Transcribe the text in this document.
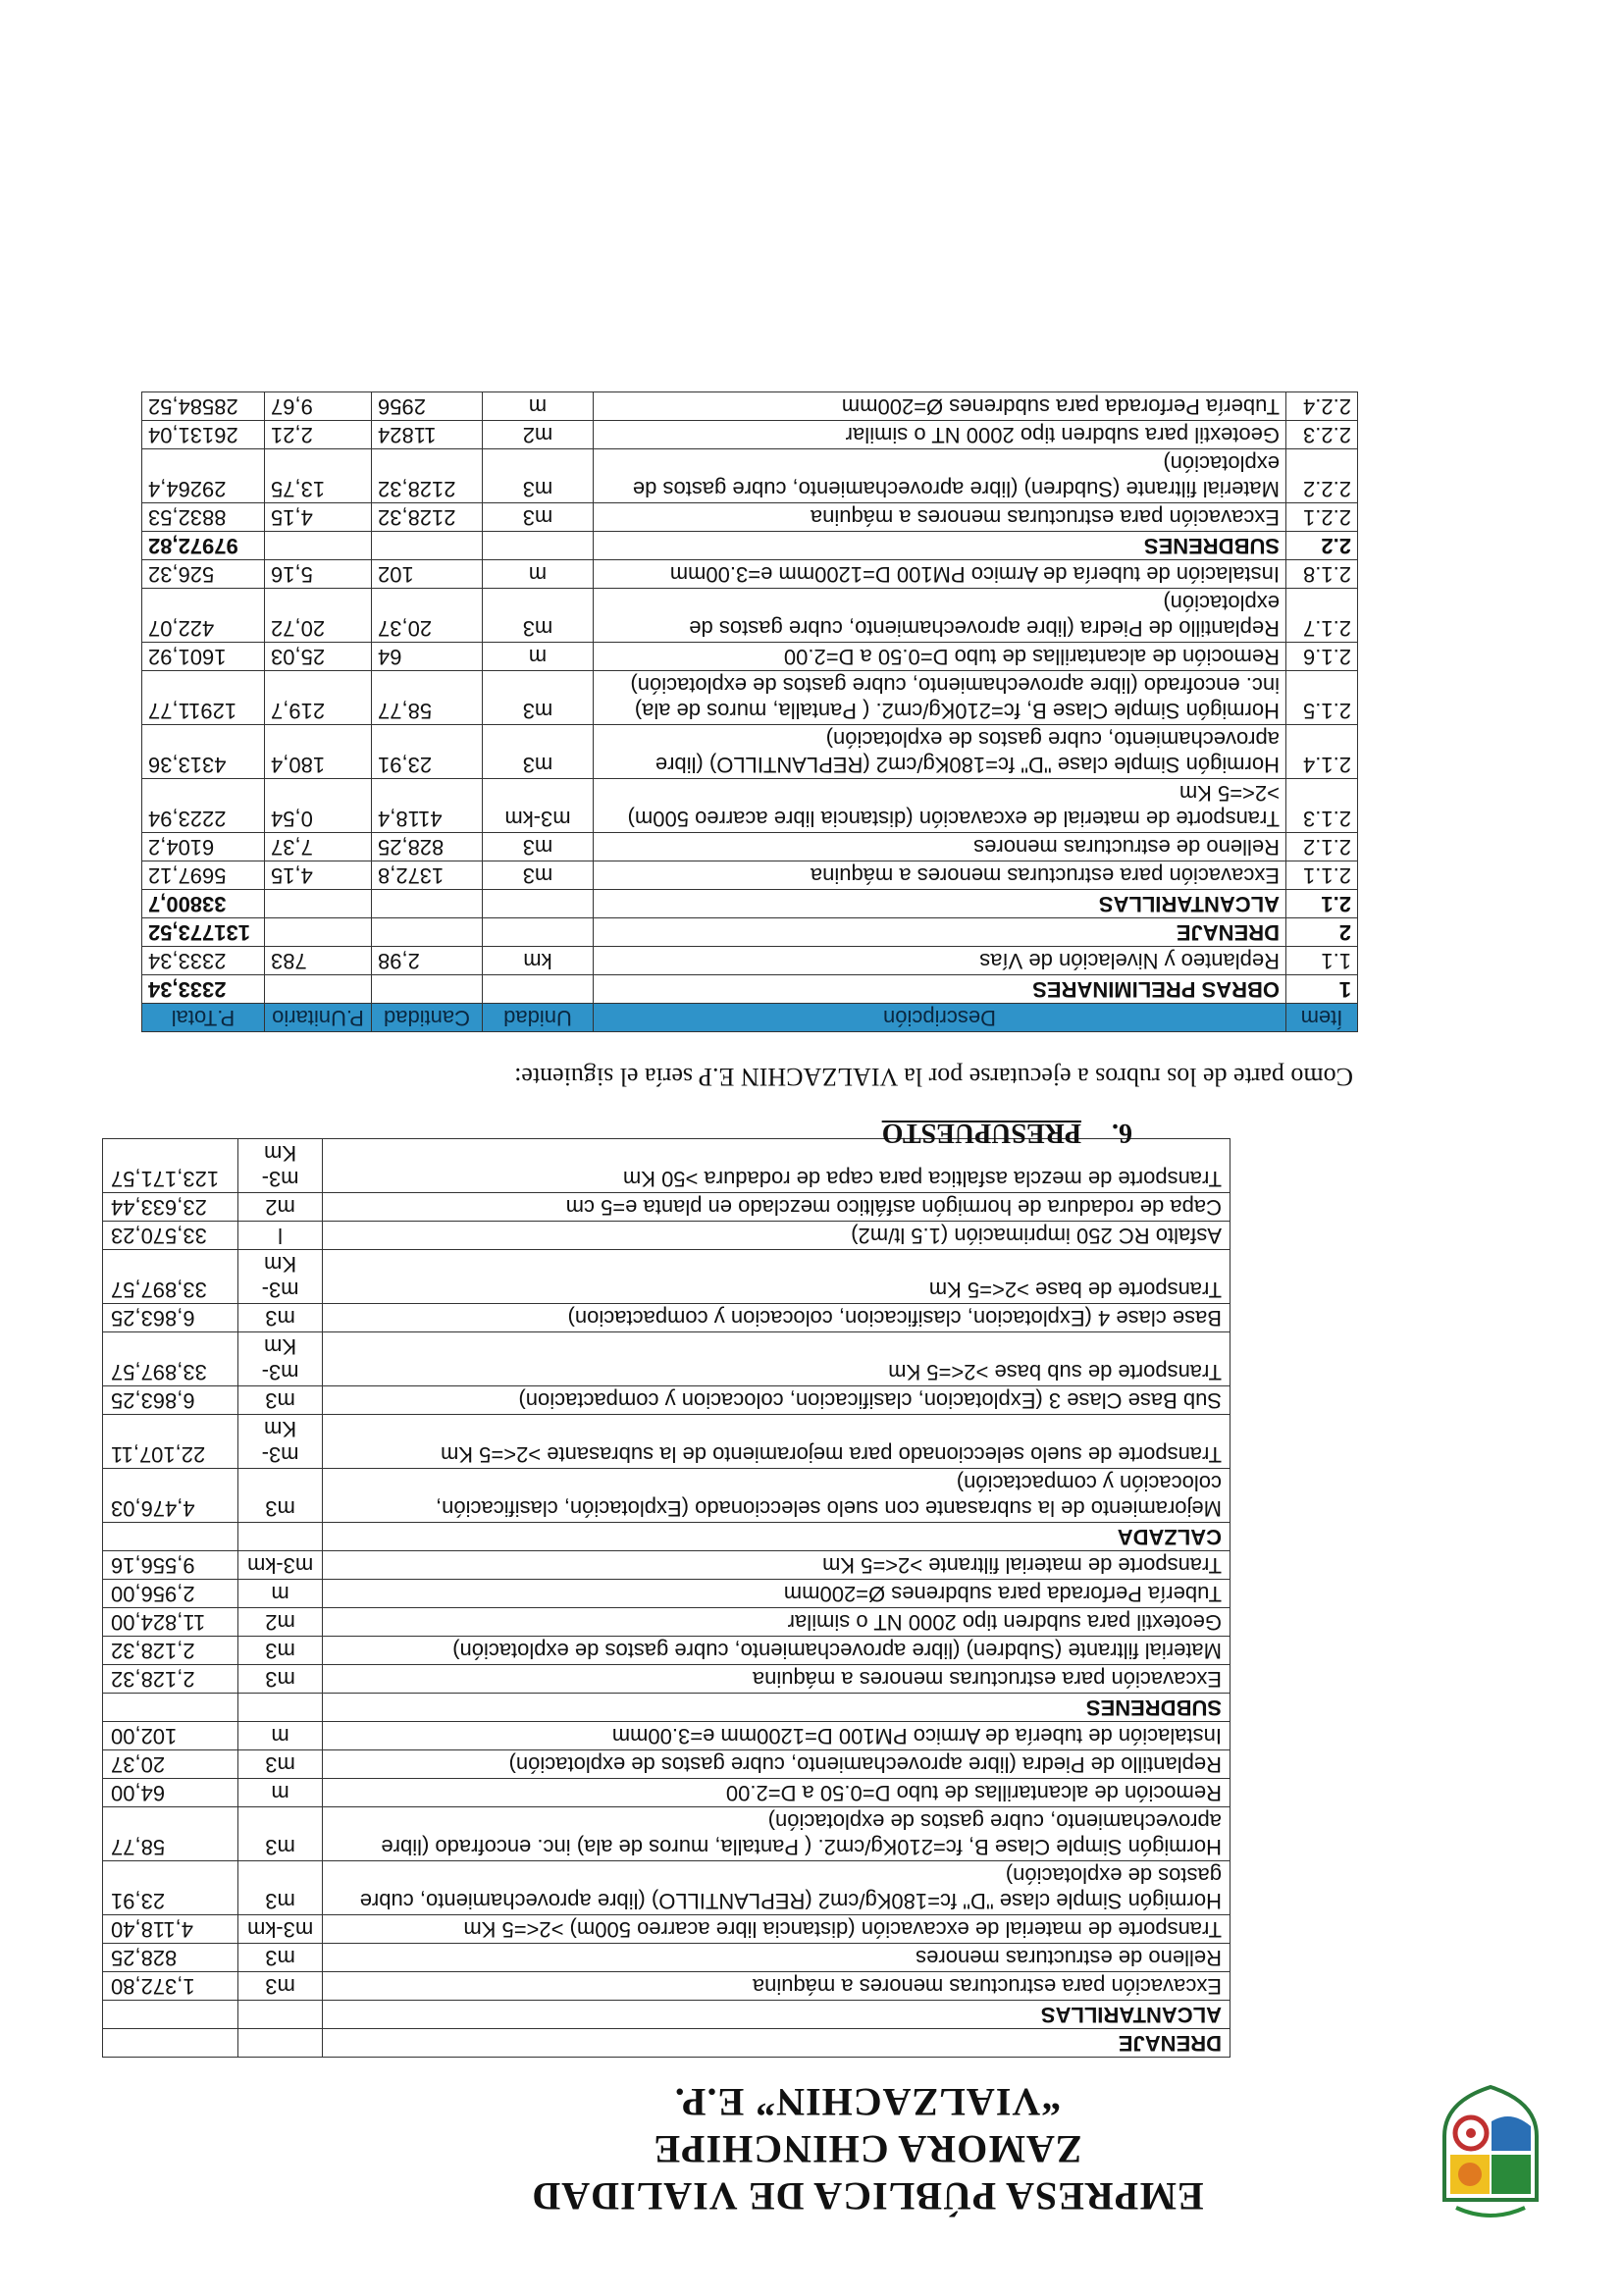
EMPRESA PÚBLICA DE VIALIDAD
ZAMORA CHINCHIPE
“VIALZACHIN” E.P.
DRENAJE		
ALCANTARILLAS		
Excavación para estructuras menores a máquina	m3	1,372,80
Relleno de estructuras menores	m3	828,25
Transporte de material de excavación (distancia libre acarreo 500m) >2<=5 Km	m3-km	4,118,40
Hormigón Simple clase "D" fc=180Kg/cm2 (REPLANTILLO) (libre aprovechamiento, cubre gastos de explotación)	m3	23,91
Hormigón Simple Clase B, fc=210Kg/cm2. ( Pantalla, muros de ala) inc. encofrado (libre aprovechamiento, cubre gastos de explotación)	m3	58,77
Remoción de alcantarillas de tubo D=0.50 a D=2.00	m	64,00
Replantillo de Piedra (libre aprovechamiento, cubre gastos de explotación)	m3	20,37
Instalación de tubería de Armico PM100 D=1200mm e=3.00mm	m	102,00
SUBDRENES		
Excavación para estructuras menores a máquina	m3	2,128,32
Material filtrante (Subdren) (libre aprovechamiento, cubre gastos de explotación)	m3	2,128,32
Geotextil para subdren tipo 2000 NT o similar	m2	11,824,00
Tubería Perforada para subdrenes Ø=200mm	m	2,956,00
Transporte de material filtrante >2<=5 Km	m3-km	9,556,16
CALZADA		
Mejoramiento de la subrasante con suelo seleccionado (Explotación, clasificación, colocación y compactación)	m3	4,476,03
Transporte de suelo seleccionado para mejoramiento de la subrasante >2<=5 Km	m3-Km	22,107,11
Sub Base Clase 3 (Explotacion, clasificacion, colocacion y compactacion)	m3	6,863,25
Transporte de sub base >2<=5 Km	m3-Km	33,897,57
Base clase 4 (Explotacion, clasificacion, colocacion y compactacion)	m3	6,863,25
Transporte de base >2<=5 Km	m3-Km	33,897,57
Asfalto RC 250 imprimación (1.5 lt/m2)	l	33,570,23
Capa de rodadura de hormigón asfáltico mezclado en planta e=5 cm	m2	23,633,44
Transporte de mezcla asfaltica para capa de rodadura >50 Km	m3-Km	123,171,57
6. PRESUPUESTO
Como parte de los rubros a ejecutarse por la VIALZACHIN E.P sería el siguiente:
Ítem	Descripción	Unidad	Cantidad	P.Unitario	P.Total
1	OBRAS PRELIMINARES				2333,34
1.1	Replanteo y Nivelación de Vías	km	2,98	783	2333,34
2	DRENAJE				131773,52
2.1	ALCANTARILLAS				33800,7
2.1.1	Excavación para estructuras menores a máquina	m3	1372,8	4,15	5697,12
2.1.2	Relleno de estructuras menores	m3	828,25	7,37	6104,2
2.1.3	Transporte de material de excavación (distancia libre acarreo 500m) >2<=5 Km	m3-km	4118,4	0,54	2223,94
2.1.4	Hormigón Simple clase "D" fc=180Kg/cm2 (REPLANTILLO) (libre aprovechamiento, cubre gastos de explotación)	m3	23,91	180,4	4313,36
2.1.5	Hormigón Simple Clase B, fc=210Kg/cm2. ( Pantalla, muros de ala) inc. encofrado (libre aprovechamiento, cubre gastos de explotación)	m3	58,77	219,7	12911,77
2.1.6	Remoción de alcantarillas de tubo D=0.50 a D=2.00	m	64	25,03	1601,92
2.1.7	Replantillo de Piedra (libre aprovechamiento, cubre gastos de explotación)	m3	20,37	20,72	422,07
2.1.8	Instalación de tubería de Armico PM100 D=1200mm e=3.00mm	m	102	5,16	526,32
2.2	SUBDRENES				97972,82
2.2.1	Excavación para estructuras menores a máquina	m3	2128,32	4,15	8832,53
2.2.2	Material filtrante (Subdren) (libre aprovechamiento, cubre gastos de explotación)	m3	2128,32	13,75	29264,4
2.2.3	Geotextil para subdren tipo 2000 NT o similar	m2	11824	2,21	26131,04
2.2.4	Tubería Perforada para subdrenes Ø=200mm	m	2956	9,67	28584,52
